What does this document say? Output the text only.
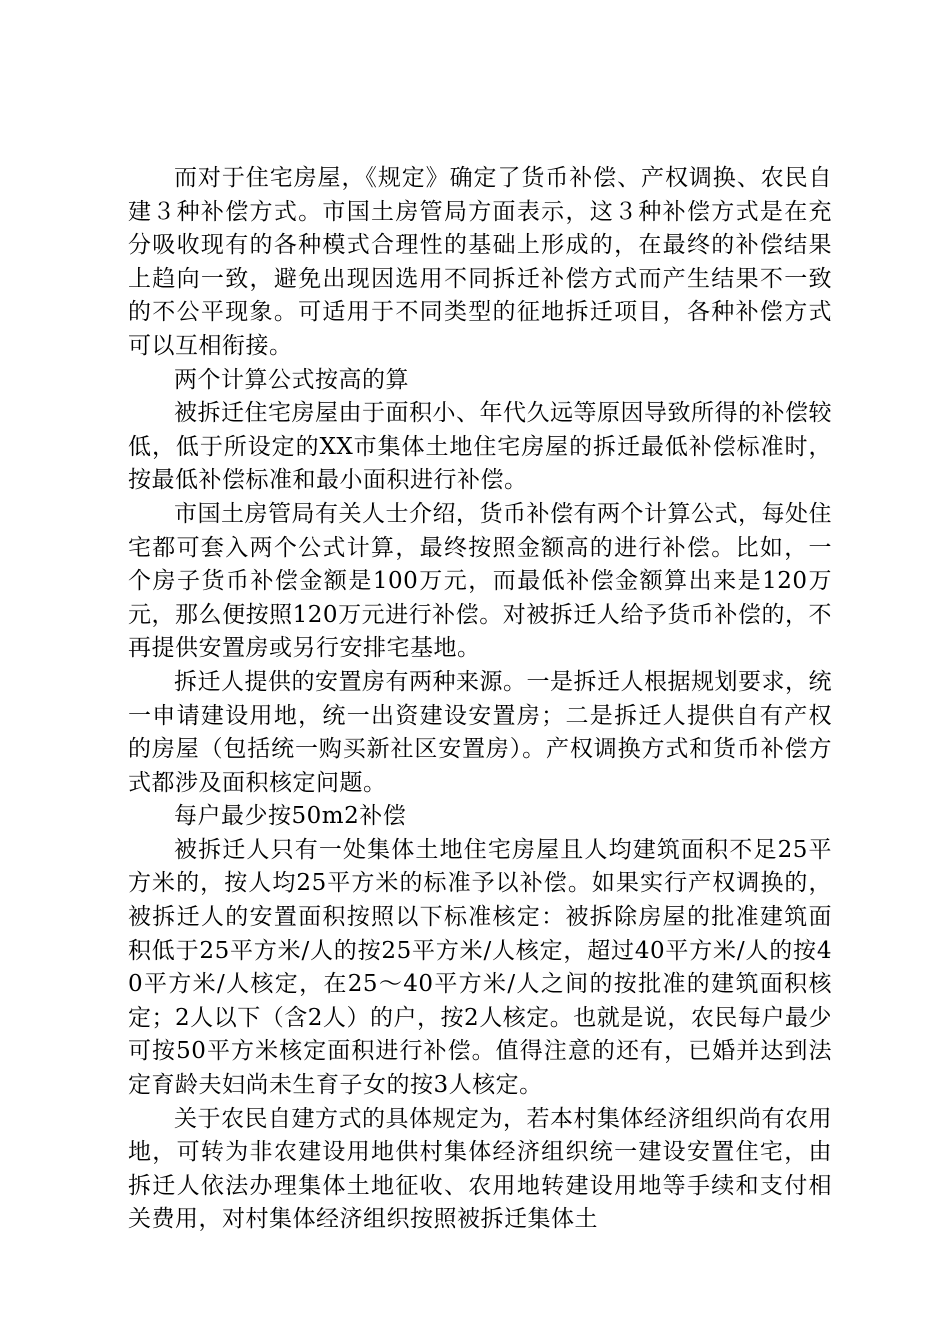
而对于住宅房屋，《规定》确定了货币补偿、产权调换、农民自建３种补偿方式。市国土房管局方面表示，这３种补偿方式是在充分吸收现有的各种模式合理性的基础上形成的，在最终的补偿结果上趋向一致，避免出现因选用不同拆迁补偿方式而产生结果不一致的不公平现象。可适用于不同类型的征地拆迁项目，各种补偿方式可以互相衔接。

两个计算公式按高的算

被拆迁住宅房屋由于面积小、年代久远等原因导致所得的补偿较低，低于所设定的XX市集体土地住宅房屋的拆迁最低补偿标准时，按最低补偿标准和最小面积进行补偿。

市国土房管局有关人士介绍，货币补偿有两个计算公式，每处住宅都可套入两个公式计算，最终按照金额高的进行补偿。比如，一个房子货币补偿金额是100万元，而最低补偿金额算出来是120万元，那么便按照120万元进行补偿。对被拆迁人给予货币补偿的，不再提供安置房或另行安排宅基地。

拆迁人提供的安置房有两种来源。一是拆迁人根据规划要求，统一申请建设用地，统一出资建设安置房；二是拆迁人提供自有产权的房屋（包括统一购买新社区安置房）。产权调换方式和货币补偿方式都涉及面积核定问题。

每户最少按50m2补偿

被拆迁人只有一处集体土地住宅房屋且人均建筑面积不足25平方米的，按人均25平方米的标准予以补偿。如果实行产权调换的，被拆迁人的安置面积按照以下标准核定：被拆除房屋的批准建筑面积低于25平方米/人的按25平方米/人核定，超过40平方米/人的按40平方米/人核定，在25～40平方米/人之间的按批准的建筑面积核定；2人以下（含2人）的户，按2人核定。也就是说，农民每户最少可按50平方米核定面积进行补偿。值得注意的还有，已婚并达到法定育龄夫妇尚未生育子女的按3人核定。

关于农民自建方式的具体规定为，若本村集体经济组织尚有农用地，可转为非农建设用地供村集体经济组织统一建设安置住宅，由拆迁人依法办理集体土地征收、农用地转建设用地等手续和支付相关费用，对村集体经济组织按照被拆迁集体土
